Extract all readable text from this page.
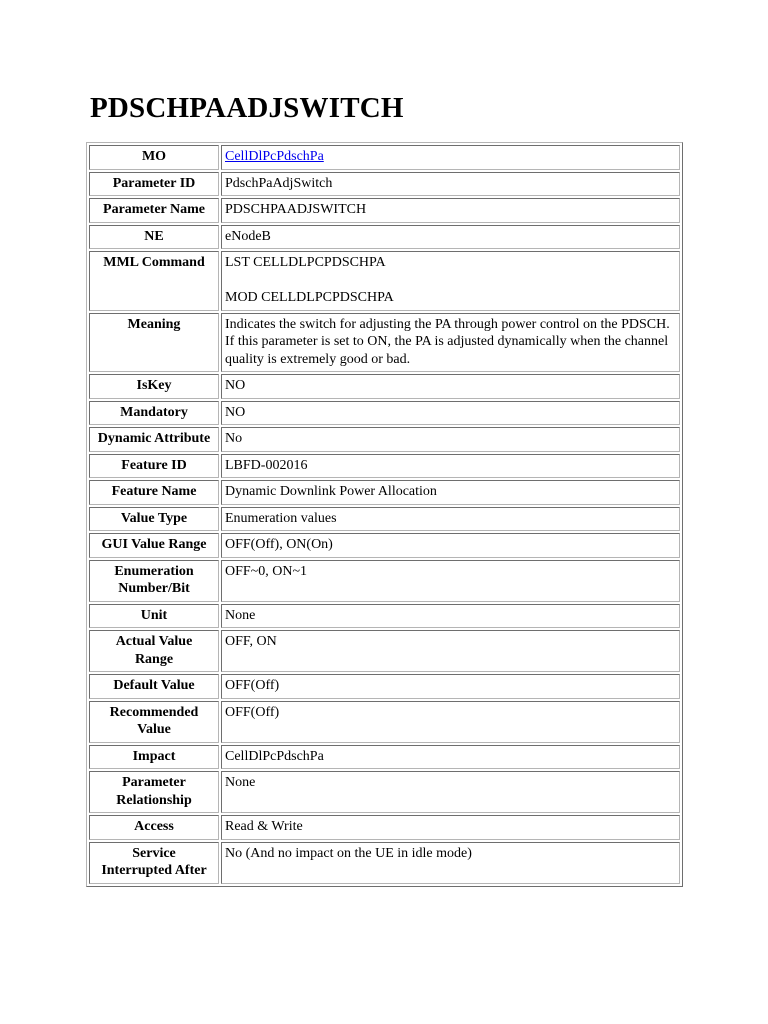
PDSCHPAADJSWITCH
MO	CellDlPcPdschPa
Parameter ID	PdschPaAdjSwitch
Parameter Name	PDSCHPAADJSWITCH
NE	eNodeB
MML Command	LST CELLDLPCPDSCHPA
MOD CELLDLPCPDSCHPA

Meaning	Indicates the switch for adjusting the PA through power control on the PDSCH. If this parameter is set to ON, the PA is adjusted dynamically when the channel quality is extremely good or bad.
IsKey	NO
Mandatory	NO
Dynamic Attribute	No
Feature ID	LBFD-002016
Feature Name	Dynamic Downlink Power Allocation
Value Type	Enumeration values
GUI Value Range	OFF(Off), ON(On)

Enumeration
Number/Bit	OFF~0, ON~1
Unit	None

Actual Value
Range	OFF, ON
Default Value	OFF(Off)

Recommended
Value	OFF(Off)
Impact	CellDlPcPdschPa

Parameter
Relationship	None
Access	Read & Write

Service
Interrupted After	No (And no impact on the UE in idle mode)
